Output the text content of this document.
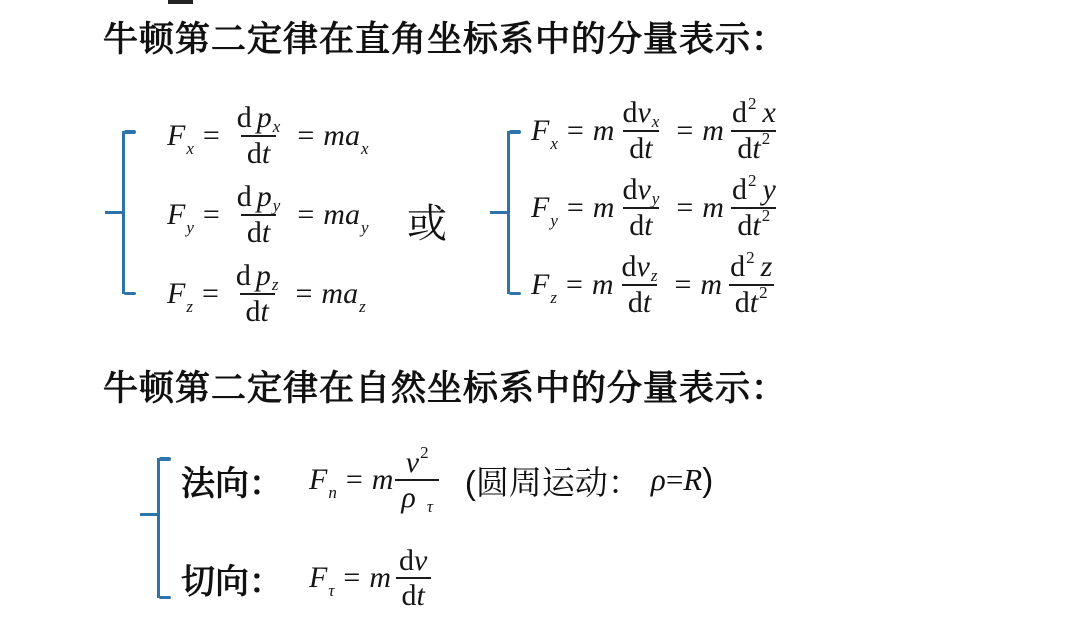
牛顿第二定律在直角坐标系中的分量表示：
F $x = \frac{\text{d p x}}{\text{d t}} = m$ a x
F $y = \frac{\text{d p y}}{\text{d t}} = m$ a y
F $z = \frac{\text{d p z}}{\text{d t}} = m$ a z
或
F x = m $\frac{\text{d v x}}{\text{d t}} = m \frac{d 2 x}{\text{d t 2}}$
F y = m $\frac{\text{d v y}}{\text{d t}} = m \frac{d 2 y}{\text{d t 2}}$
F z = m $\frac{\text{d v z}}{\text{d t}} = m \frac{d 2 z}{\text{d t 2}}$
牛顿第二定律在自然坐标系中的分量表示：
法向： F n = m $\frac{v 2}{\text{ρ τ}}$ (圆周运动： ρ = R )
切向： F τ = m $\frac{\text{d v}}{\text{d t}}$
